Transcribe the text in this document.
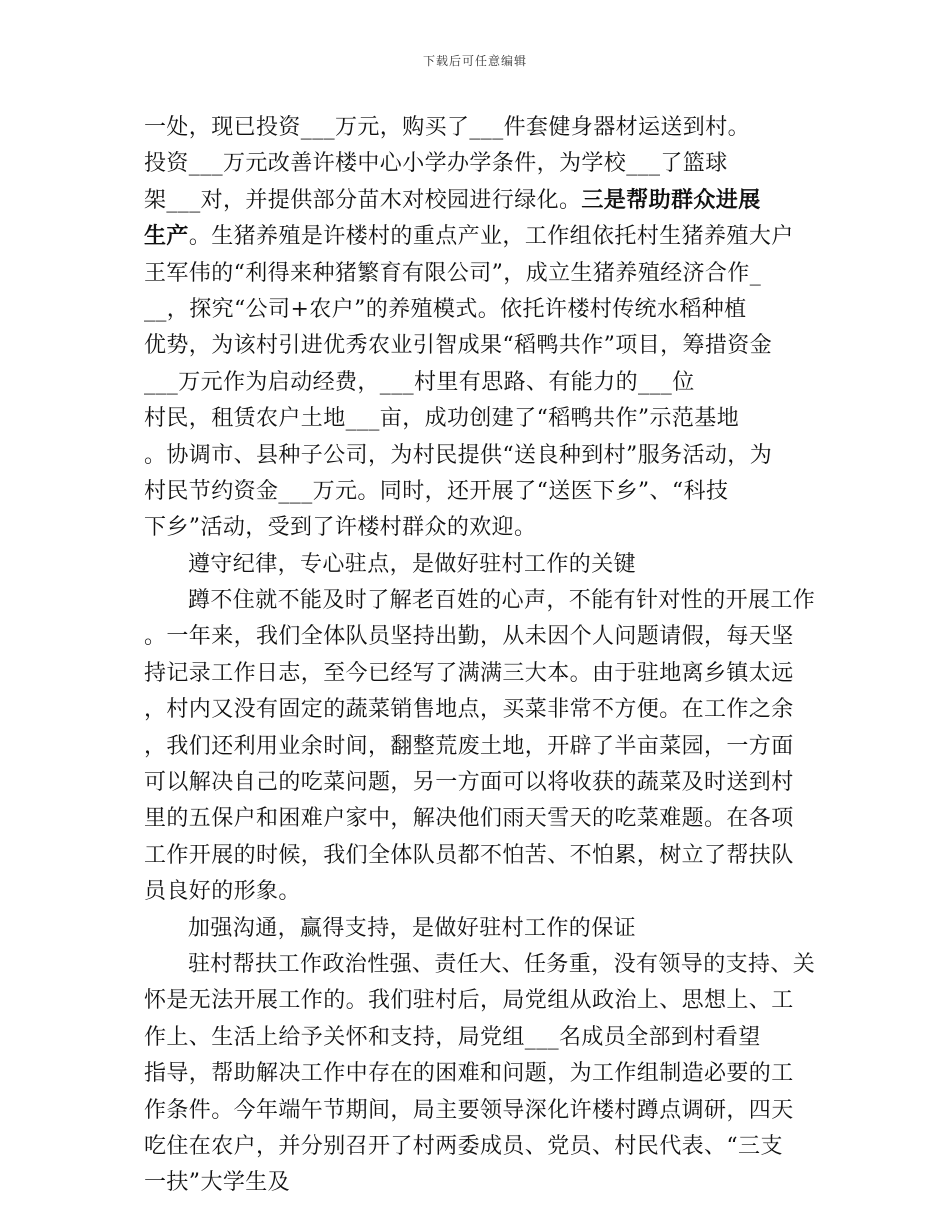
下载后可任意编辑
一处，现已投资___万元，购买了___件套健身器材运送到村。
投资___万元改善许楼中心小学办学条件，为学校___了篮球
架___对，并提供部分苗木对校园进行绿化。三是帮助群众进展
生产。生猪养殖是许楼村的重点产业，工作组依托村生猪养殖大户
王军伟的“利得来种猪繁育有限公司”，成立生猪养殖经济合作_
__，探究“公司+农户”的养殖模式。依托许楼村传统水稻种植
优势，为该村引进优秀农业引智成果“稻鸭共作”项目，筹措资金
___万元作为启动经费，___村里有思路、有能力的___位
村民，租赁农户土地___亩，成功创建了“稻鸭共作”示范基地
。协调市、县种子公司，为村民提供“送良种到村”服务活动，为
村民节约资金___万元。同时，还开展了“送医下乡”、“科技
下乡”活动，受到了许楼村群众的欢迎。
遵守纪律，专心驻点，是做好驻村工作的关键
蹲不住就不能及时了解老百姓的心声，不能有针对性的开展工作
。一年来，我们全体队员坚持出勤，从未因个人问题请假，每天坚
持记录工作日志，至今已经写了满满三大本。由于驻地离乡镇太远
，村内又没有固定的蔬菜销售地点，买菜非常不方便。在工作之余
，我们还利用业余时间，翻整荒废土地，开辟了半亩菜园，一方面
可以解决自己的吃菜问题，另一方面可以将收获的蔬菜及时送到村
里的五保户和困难户家中，解决他们雨天雪天的吃菜难题。在各项
工作开展的时候，我们全体队员都不怕苦、不怕累，树立了帮扶队
员良好的形象。
加强沟通，赢得支持，是做好驻村工作的保证
驻村帮扶工作政治性强、责任大、任务重，没有领导的支持、关
怀是无法开展工作的。我们驻村后，局党组从政治上、思想上、工
作上、生活上给予关怀和支持，局党组___名成员全部到村看望
指导，帮助解决工作中存在的困难和问题，为工作组制造必要的工
作条件。今年端午节期间，局主要领导深化许楼村蹲点调研，四天
吃住在农户，并分别召开了村两委成员、党员、村民代表、“三支
一扶”大学生及
